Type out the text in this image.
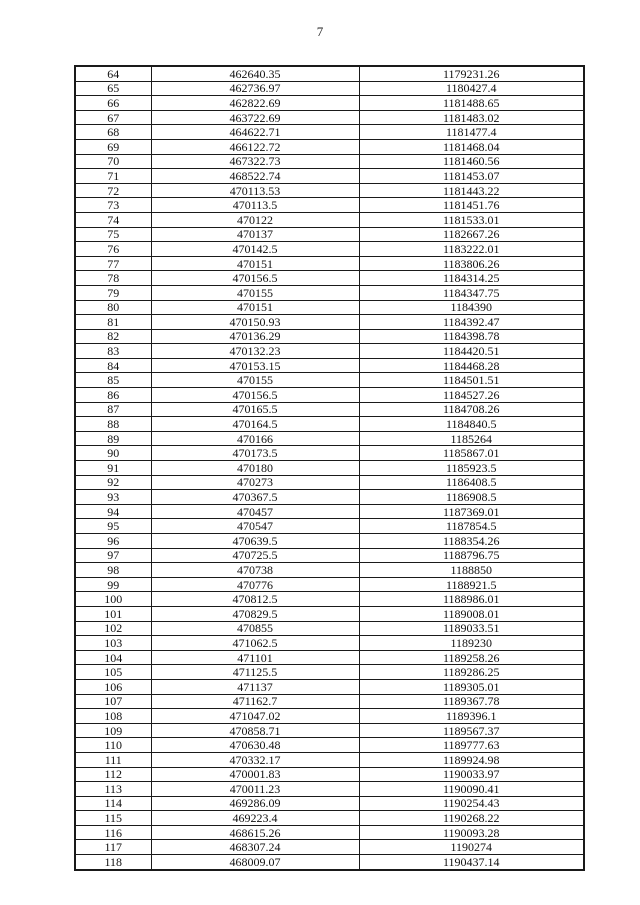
7
64	462640.35	1179231.26
65	462736.97	1180427.4
66	462822.69	1181488.65
67	463722.69	1181483.02
68	464622.71	1181477.4
69	466122.72	1181468.04
70	467322.73	1181460.56
71	468522.74	1181453.07
72	470113.53	1181443.22
73	470113.5	1181451.76
74	470122	1181533.01
75	470137	1182667.26
76	470142.5	1183222.01
77	470151	1183806.26
78	470156.5	1184314.25
79	470155	1184347.75
80	470151	1184390
81	470150.93	1184392.47
82	470136.29	1184398.78
83	470132.23	1184420.51
84	470153.15	1184468.28
85	470155	1184501.51
86	470156.5	1184527.26
87	470165.5	1184708.26
88	470164.5	1184840.5
89	470166	1185264
90	470173.5	1185867.01
91	470180	1185923.5
92	470273	1186408.5
93	470367.5	1186908.5
94	470457	1187369.01
95	470547	1187854.5
96	470639.5	1188354.26
97	470725.5	1188796.75
98	470738	1188850
99	470776	1188921.5
100	470812.5	1188986.01
101	470829.5	1189008.01
102	470855	1189033.51
103	471062.5	1189230
104	471101	1189258.26
105	471125.5	1189286.25
106	471137	1189305.01
107	471162.7	1189367.78
108	471047.02	1189396.1
109	470858.71	1189567.37
110	470630.48	1189777.63
111	470332.17	1189924.98
112	470001.83	1190033.97
113	470011.23	1190090.41
114	469286.09	1190254.43
115	469223.4	1190268.22
116	468615.26	1190093.28
117	468307.24	1190274
118	468009.07	1190437.14
